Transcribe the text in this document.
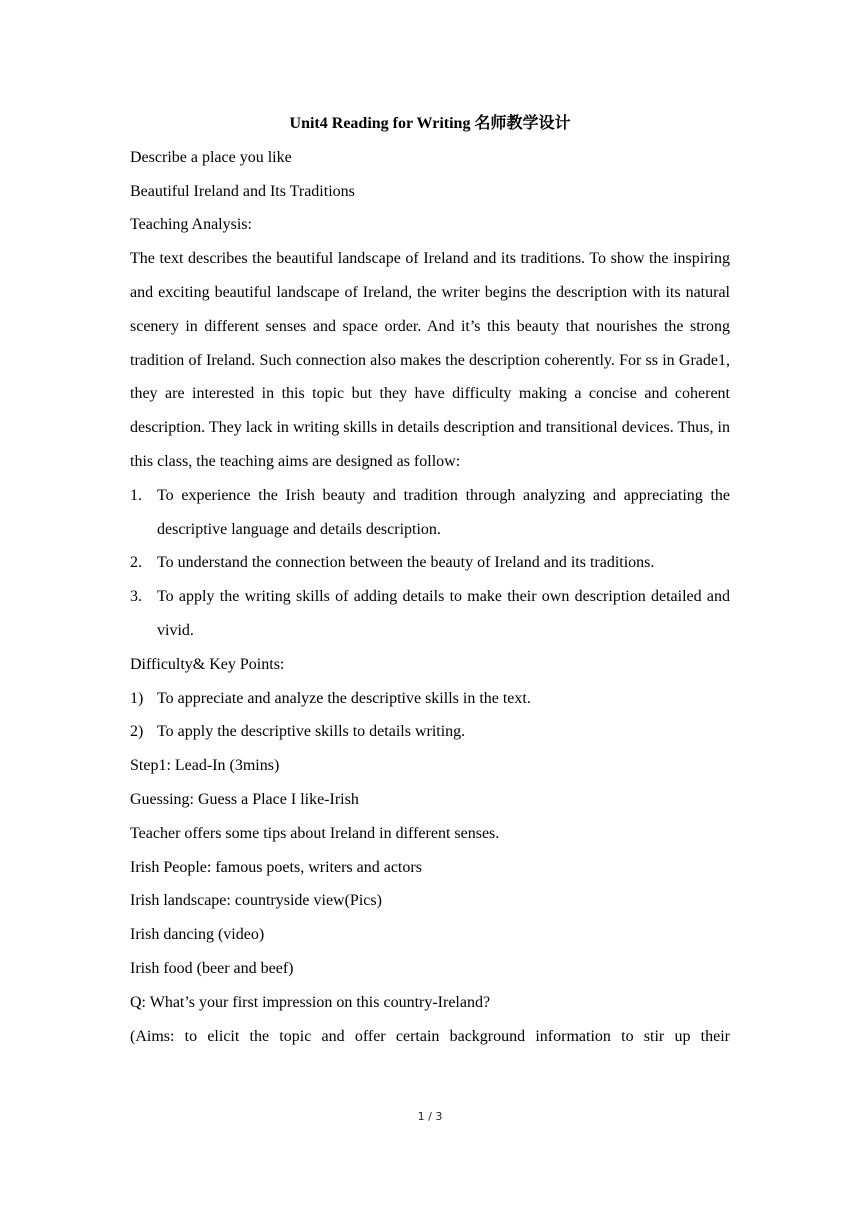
Unit4 Reading for Writing 名师教学设计

Describe a place you like

Beautiful Ireland and Its Traditions

Teaching Analysis:

The text describes the beautiful landscape of Ireland and its traditions. To show the inspiring and exciting beautiful landscape of Ireland, the writer begins the description with its natural scenery in different senses and space order. And it’s this beauty that nourishes the strong tradition of Ireland. Such connection also makes the description coherently. For ss in Grade1, they are interested in this topic but they have difficulty making a concise and coherent description. They lack in writing skills in details description and transitional devices. Thus, in this class, the teaching aims are designed as follow:

1. To experience the Irish beauty and tradition through analyzing and appreciating the descriptive language and details description.
2. To understand the connection between the beauty of Ireland and its traditions.
3. To apply the writing skills of adding details to make their own description detailed and vivid.

Difficulty& Key Points:

1) To appreciate and analyze the descriptive skills in the text.
2) To apply the descriptive skills to details writing.

Step1: Lead-In (3mins)

Guessing: Guess a Place I like-Irish

Teacher offers some tips about Ireland in different senses.

Irish People: famous poets, writers and actors

Irish landscape: countryside view(Pics)

Irish dancing (video)

Irish food (beer and beef)

Q: What’s your first impression on this country-Ireland?

(Aims: to elicit the topic and offer certain background information to stir up their

1 / 3
